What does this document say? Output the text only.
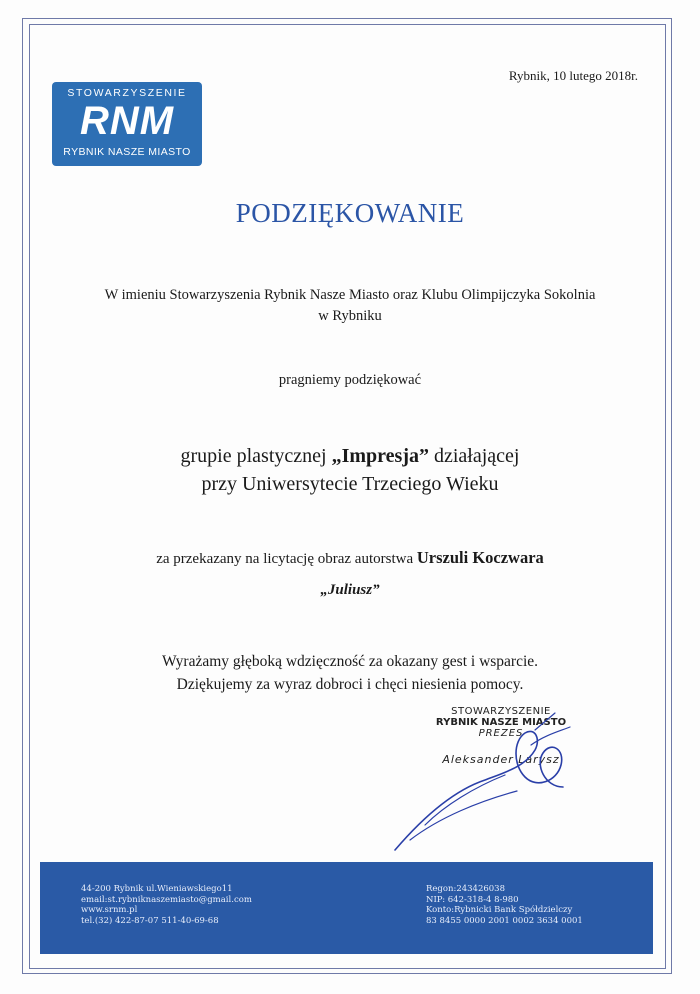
STOWARZYSZENIE
RNM
RYBNIK NASZE MIASTO
Rybnik, 10 lutego 2018r.
PODZIĘKOWANIE
W imieniu Stowarzyszenia Rybnik Nasze Miasto oraz Klubu Olimpijczyka Sokolnia
w Rybniku
pragniemy podziękować
grupie plastycznej „Impresja” działającej
przy Uniwersytecie Trzeciego Wieku
za przekazany na licytację obraz autorstwa Urszuli Koczwara
„Juliusz”
Wyrażamy głęboką wdzięczność za okazany gest i wsparcie.
Dziękujemy za wyraz dobroci i chęci niesienia pomocy.
STOWARZYSZENIE
RYBNIK NASZE MIASTO
PREZES
Aleksander Larysz
44-200 Rybnik ul.Wieniawskiego11
email:st.rybniknaszemiasto@gmail.com
www.srnm.pl
tel.(32) 422-87-07 511-40-69-68
Regon:243426038
NIP: 642-318-4 8-980
Konto:Rybnicki Bank Spółdzielczy
83 8455 0000 2001 0002 3634 0001
